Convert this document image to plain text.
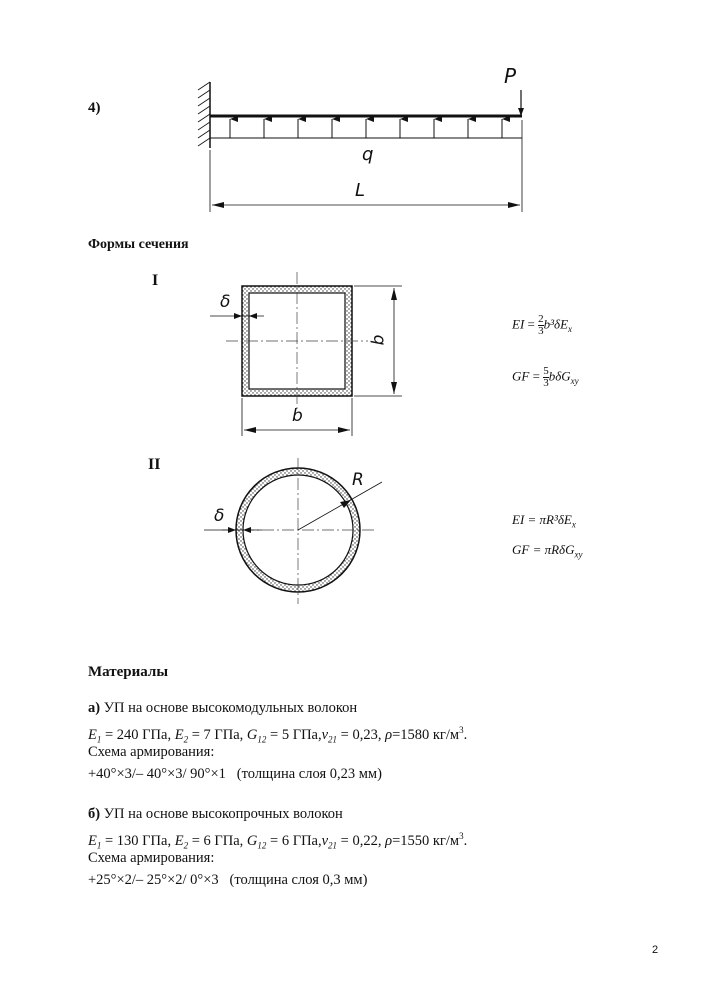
4)
P
q
L
Формы сечения
I
δ
b
b
EI = $\frac{2}{3} b^3\delta E_x$
GF = $\frac{5}{3} b\delta G_{xy}$
II
R
δ	EI = $\pi R^3\delta E_x$
GF = πRδG$_{xy}$
Материалы
а) УП на основе высокомодульных волокон
$E_1 = 240$ ГПа, $E_2 = 7$ ГПа, $G_{12} = 5$ $ГПа,\nu_{21} = 0,23$, ρ=1580 $кг/м^3$.
Схема армирования:
+40°×3/– 40°×3/ 90°×1   (толщина слоя 0,23 мм)
б) УП на основе высокопрочных волокон
$E_1 = 130$ ГПа, $E_2 = 6$ ГПа, $G_{12} = 6$ $ГПа,\nu_{21} = 0,22$, ρ=1550 $кг/м^3$.
Схема армирования:
+25°×2/– 25°×2/ 0°×3   (толщина слоя 0,3 мм)
2
